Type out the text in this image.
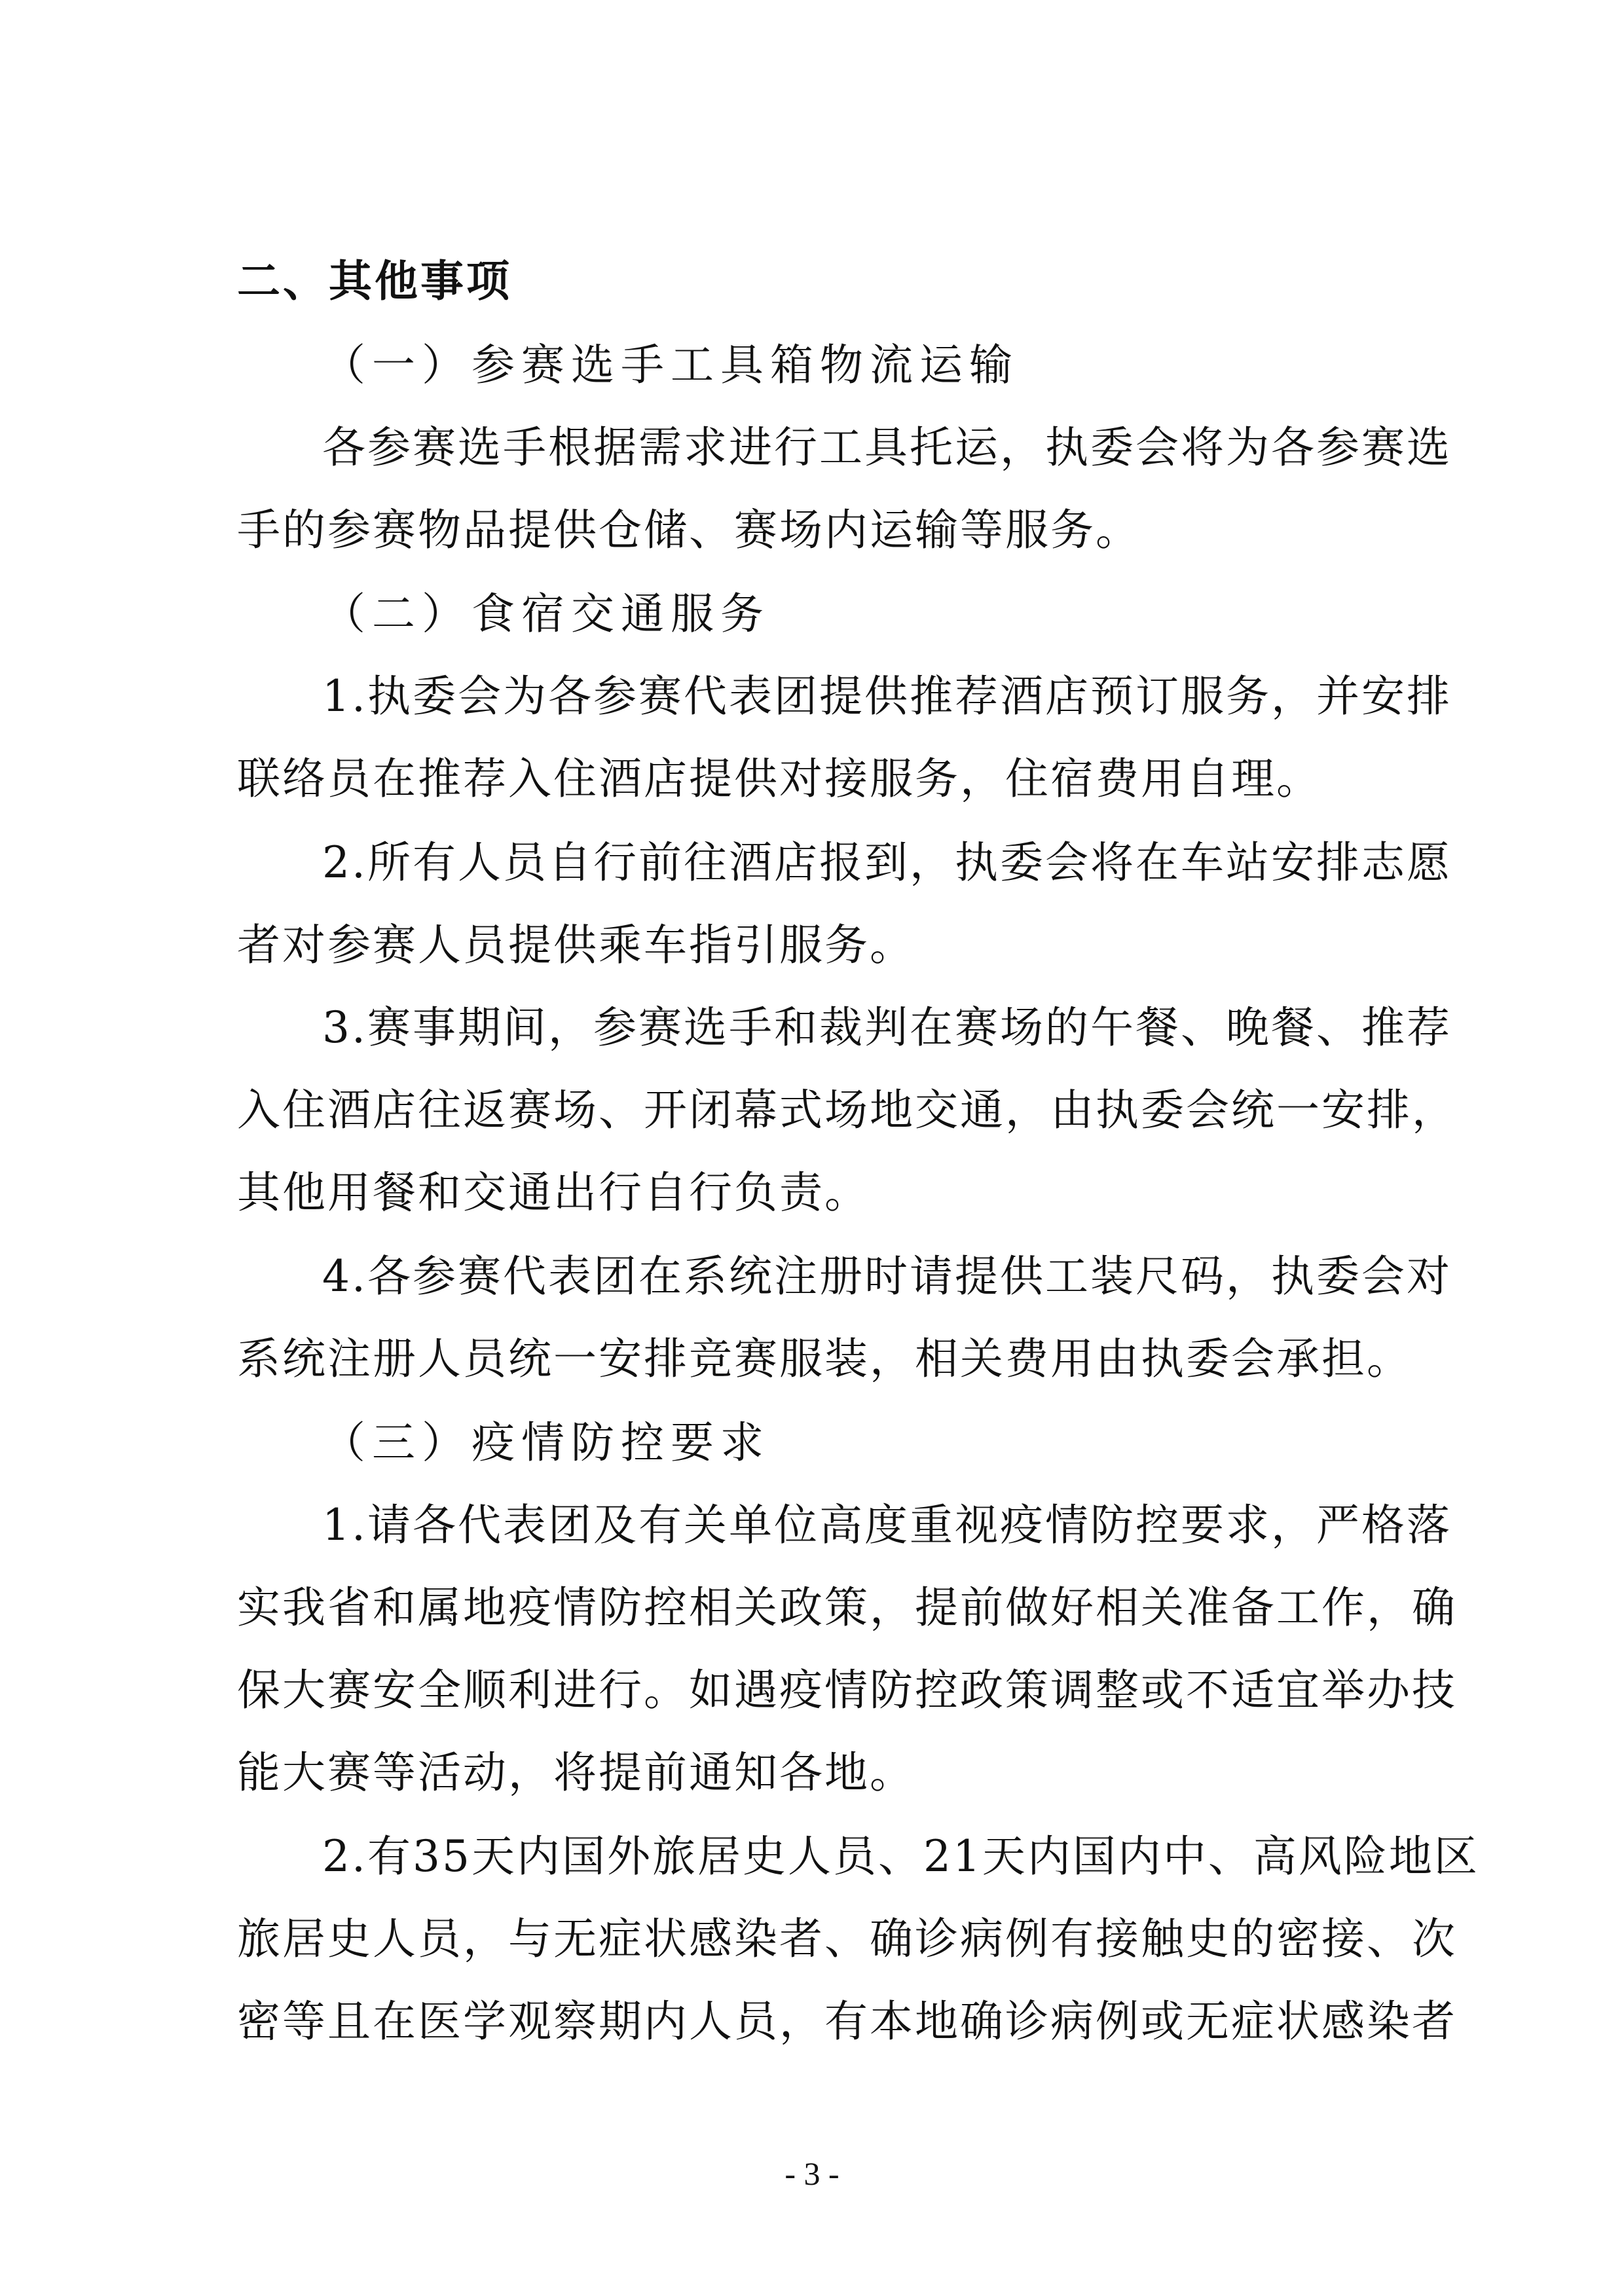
二、其他事项
（一）参赛选手工具箱物流运输
各参赛选手根据需求进行工具托运，执委会将为各参赛选
手的参赛物品提供仓储、赛场内运输等服务。
（二）食宿交通服务
1.执委会为各参赛代表团提供推荐酒店预订服务，并安排
联络员在推荐入住酒店提供对接服务，住宿费用自理。
2.所有人员自行前往酒店报到，执委会将在车站安排志愿
者对参赛人员提供乘车指引服务。
3.赛事期间，参赛选手和裁判在赛场的午餐、晚餐、推荐
入住酒店往返赛场、开闭幕式场地交通，由执委会统一安排，
其他用餐和交通出行自行负责。
4.各参赛代表团在系统注册时请提供工装尺码，执委会对
系统注册人员统一安排竞赛服装，相关费用由执委会承担。
（三）疫情防控要求
1.请各代表团及有关单位高度重视疫情防控要求，严格落
实我省和属地疫情防控相关政策，提前做好相关准备工作，确
保大赛安全顺利进行。如遇疫情防控政策调整或不适宜举办技
能大赛等活动，将提前通知各地。
2.有35天内国外旅居史人员、21天内国内中、高风险地区
旅居史人员，与无症状感染者、确诊病例有接触史的密接、次
密等且在医学观察期内人员，有本地确诊病例或无症状感染者
- 3 -
